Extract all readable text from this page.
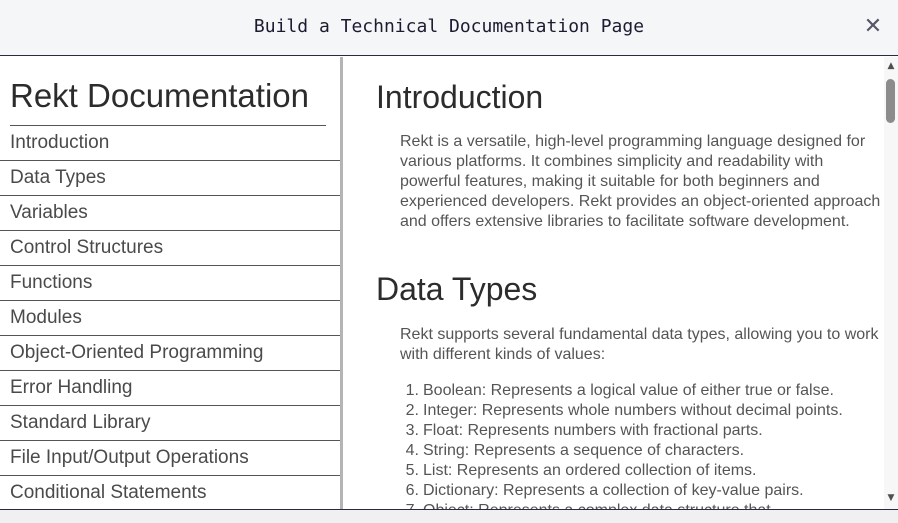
Build a Technical Documentation Page	✕
Rekt Documentation
Introduction
Data Types
Variables
Control Structures
Functions
Modules
Object-Oriented Programming
Error Handling
Standard Library
File Input/Output Operations
Conditional Statements
Introduction

Rekt is a versatile, high-level programming language designed for various platforms. It combines simplicity and readability with powerful features, making it suitable for both beginners and experienced developers. Rekt provides an object-oriented approach and offers extensive libraries to facilitate software development.

Data Types

Rekt supports several fundamental data types, allowing you to work with different kinds of values:

1. Boolean: Represents a logical value of either true or false.
2. Integer: Represents whole numbers without decimal points.
3. Float: Represents numbers with fractional parts.
4. String: Represents a sequence of characters.
5. List: Represents an ordered collection of items.
6. Dictionary: Represents a collection of key-value pairs.
▲
▼
